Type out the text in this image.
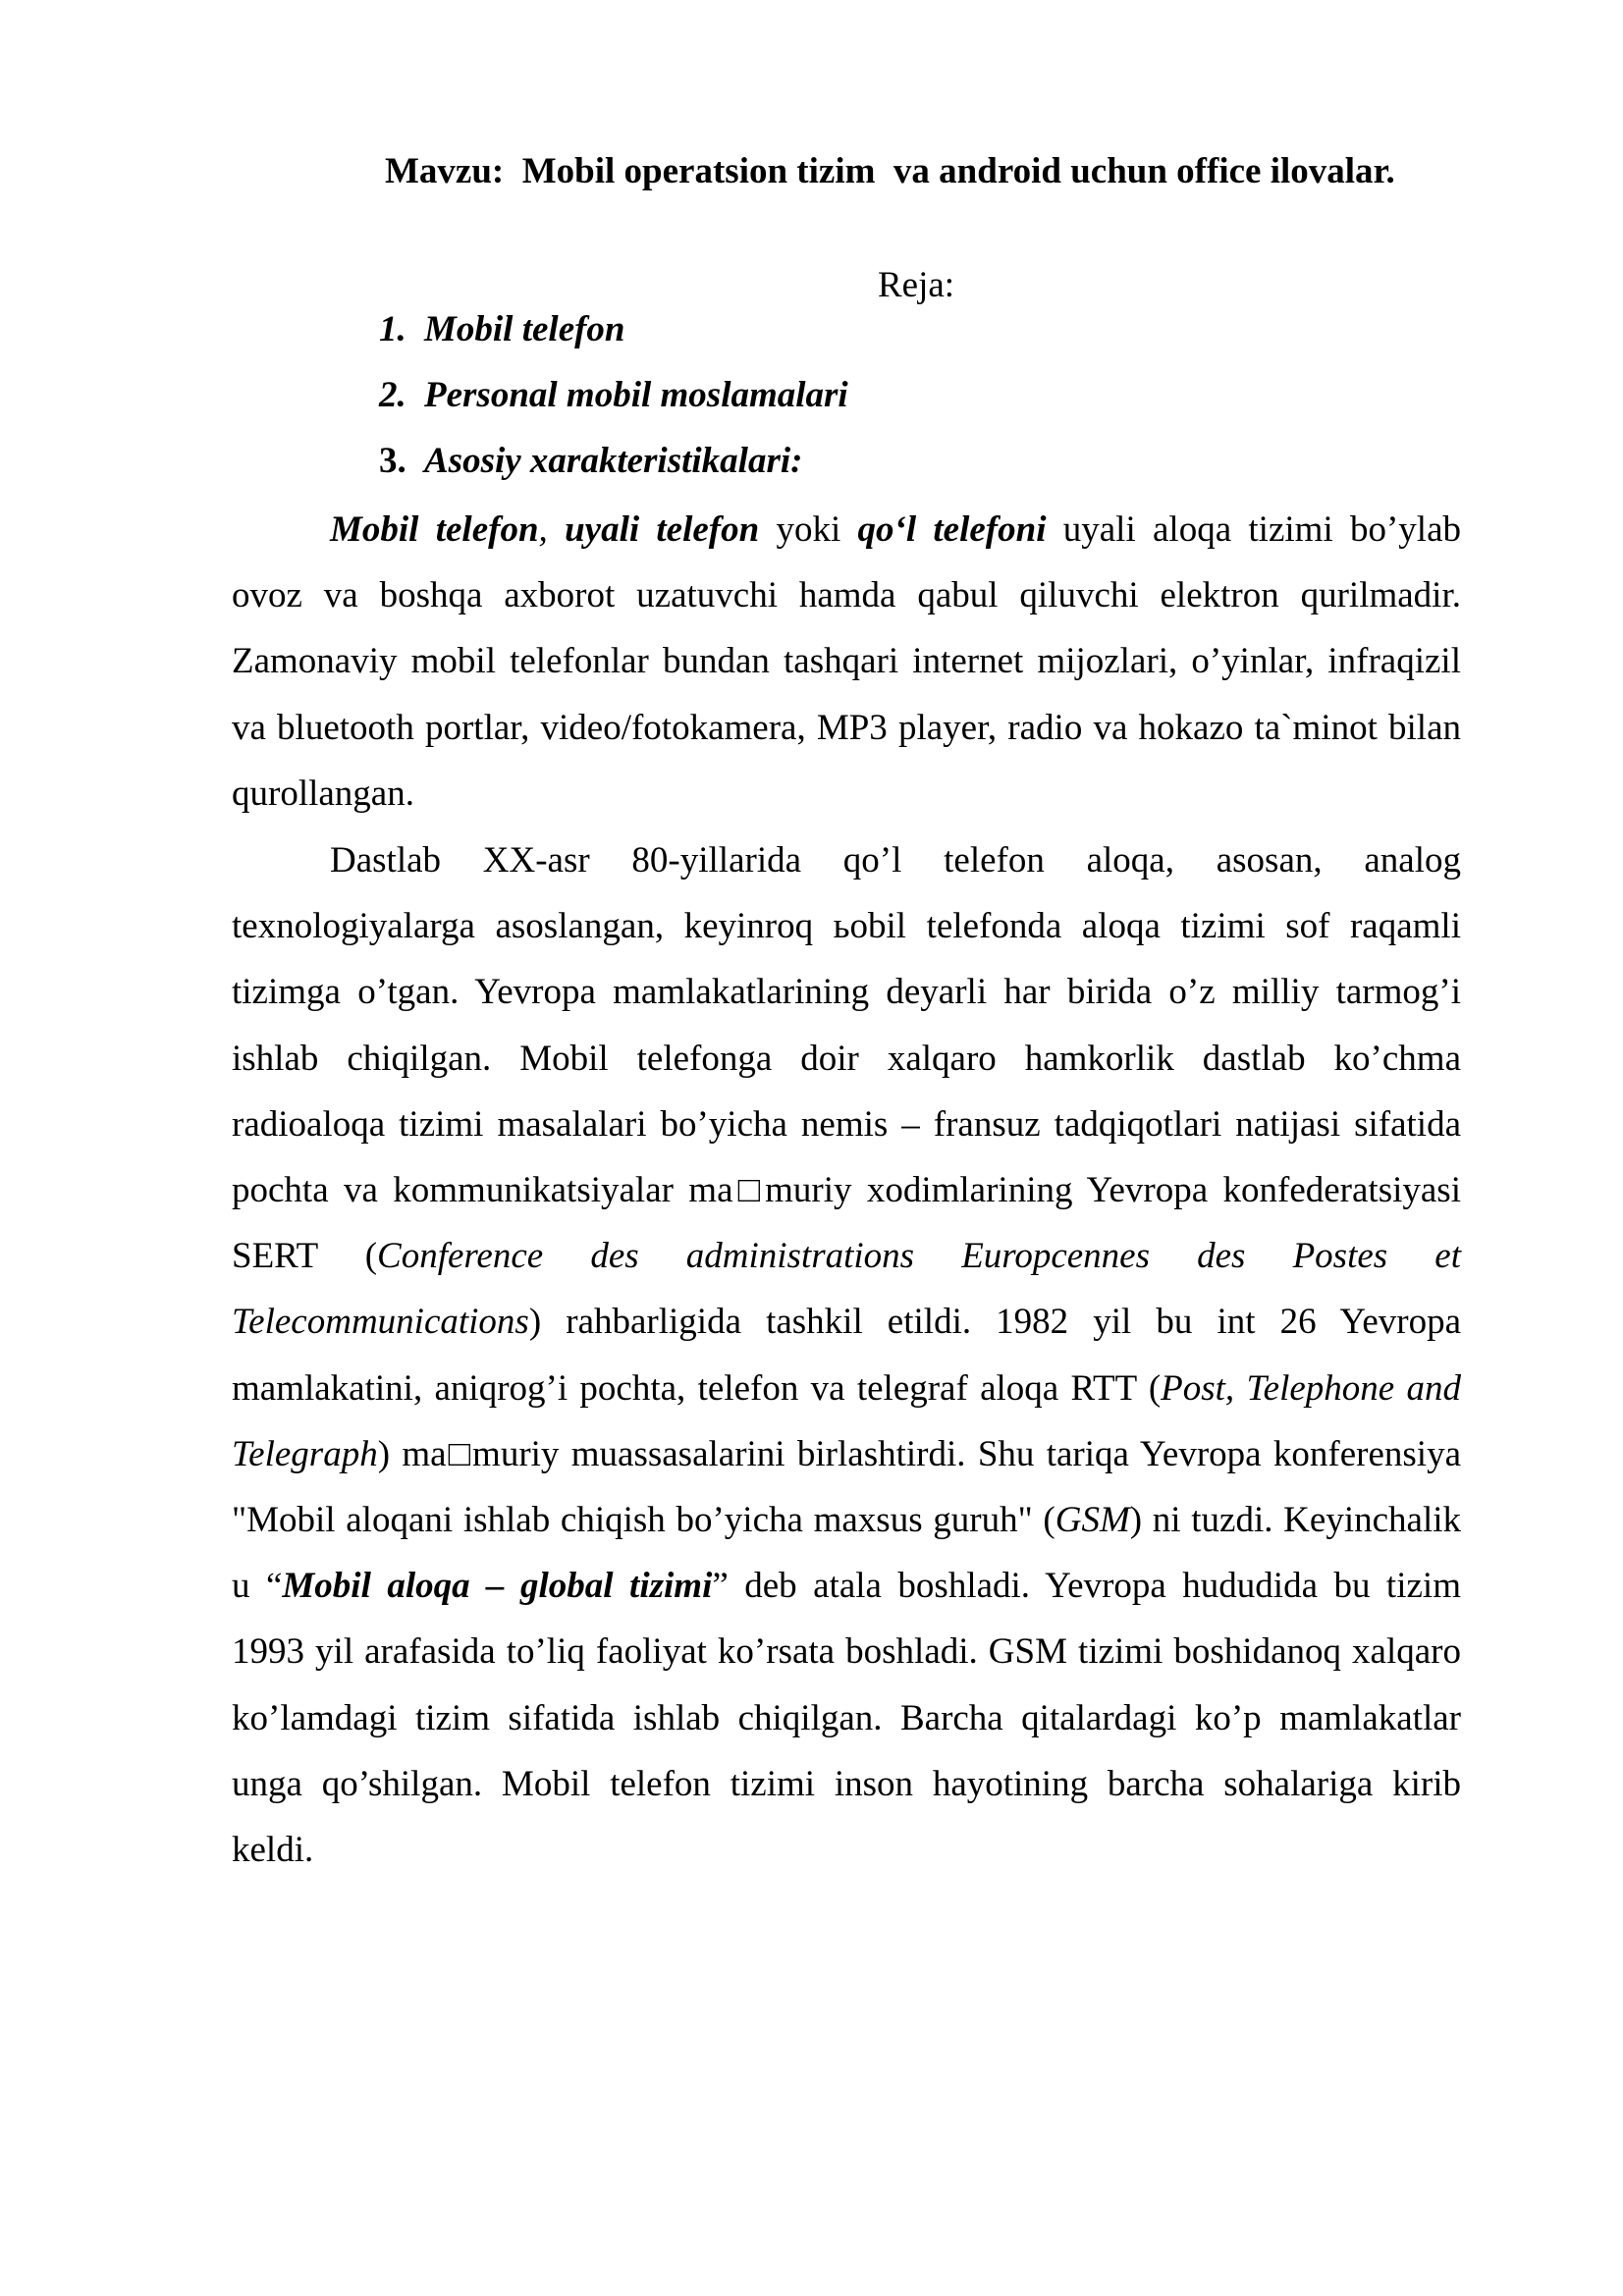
Mavzu:  Mobil operatsion tizim  va android uchun office ilovalar.
Reja:
1. Mobil telefon
2. Personal mobil moslamalari
3. Asosiy xarakteristikalari:

Mobil telefon, uyali telefon yoki qo‘l telefoni uyali aloqa tizimi bo’ylab ovoz va boshqa axborot uzatuvchi hamda qabul qiluvchi elektron qurilmadir. Zamonaviy mobil telefonlar bundan tashqari internet mijozlari, o’yinlar, infraqizil va bluetooth portlar, video/fotokamera, MP3 player, radio va hokazo ta`minot bilan qurollangan.

Dastlab XX-asr 80-yillarida qo’l telefon aloqa, asosan, analog texnologiyalarga asoslangan, keyinroq ьobil telefonda aloqa tizimi sof raqamli tizimga o’tgan. Yevropa mamlakatlarining deyarli har birida o’z milliy tarmog’i ishlab chiqilgan. Mobil telefonga doir xalqaro hamkorlik dastlab ko’chma radioaloqa tizimi masalalari bo’yicha nemis – fransuz tadqiqotlari natijasi sifatida pochta va kommunikatsiyalar ma□muriy xodimlarining Yevropa konfederatsiyasi SERT (Conference des administrations Europcennes des Postes et Telecommunications) rahbarligida tashkil etildi. 1982 yil bu int 26 Yevropa mamlakatini, aniqrog’i pochta, telefon va telegraf aloqa RTT (Post, Telephone and Telegraph) ma□muriy muassasalarini birlashtirdi. Shu tariqa Yevropa konferensiya "Mobil aloqani ishlab chiqish bo’yicha maxsus guruh" (GSM) ni tuzdi. Keyinchalik u “Mobil aloqa – global tizimi” deb atala boshladi. Yevropa hududida bu tizim 1993 yil arafasida to’liq faoliyat ko’rsata boshladi. GSM tizimi boshidanoq xalqaro ko’lamdagi tizim sifatida ishlab chiqilgan. Barcha qitalardagi ko’p mamlakatlar unga qo’shilgan. Mobil telefon tizimi inson hayotining barcha sohalariga kirib keldi.
